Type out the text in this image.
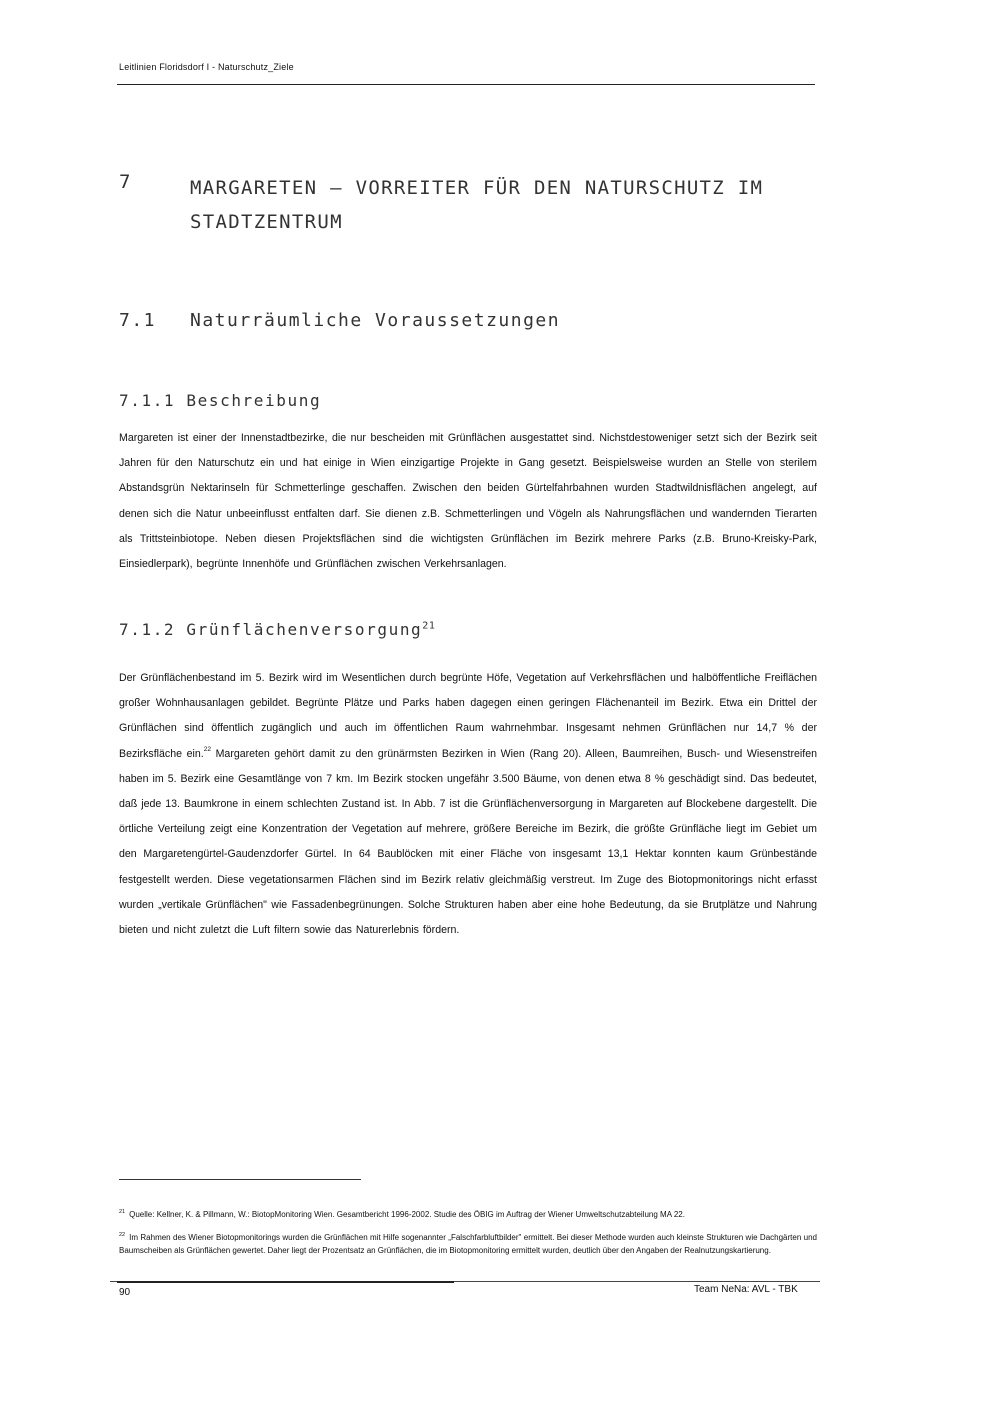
Leitlinien Floridsdorf I - Naturschutz_Ziele
7	MARGARETEN – VORREITER FÜR DEN NATURSCHUTZ IM STADTZENTRUM
7.1 Naturräumliche Voraussetzungen
7.1.1 Beschreibung
Margareten ist einer der Innenstadtbezirke, die nur bescheiden mit Grünflächen ausgestattet sind. Nichstdestoweniger setzt sich der Bezirk seit Jahren für den Naturschutz ein und hat einige in Wien einzigartige Projekte in Gang gesetzt. Beispielsweise wurden an Stelle von sterilem Abstandsgrün Nektarinseln für Schmetterlinge geschaffen. Zwischen den beiden Gürtelfahrbahnen wurden Stadtwildnisflächen angelegt, auf denen sich die Natur unbeeinflusst entfalten darf. Sie dienen z.B. Schmetterlingen und Vögeln als Nahrungsflächen und wandernden Tierarten als Trittsteinbiotope. Neben diesen Projektsflächen sind die wichtigsten Grünflächen im Bezirk mehrere Parks (z.B. Bruno-Kreisky-Park, Einsiedlerpark), begrünte Innenhöfe und Grünflächen zwischen Verkehrsanlagen.
7.1.2 Grünflächenversorgung$^{21}$
Der Grünflächenbestand im 5. Bezirk wird im Wesentlichen durch begrünte Höfe, Vegetation auf Verkehrsflächen und halböffentliche Freiflächen großer Wohnhausanlagen gebildet. Begrünte Plätze und Parks haben dagegen einen geringen Flächenanteil im Bezirk. Etwa ein Drittel der Grünflächen sind öffentlich zugänglich und auch im öffentlichen Raum wahrnehmbar. Insgesamt nehmen Grünflächen nur 14,7 % der Bezirksfläche ein.$^{22}$ Margareten gehört damit zu den grünärmsten Bezirken in Wien (Rang 20). Alleen, Baumreihen, Busch- und Wiesenstreifen haben im 5. Bezirk eine Gesamtlänge von 7 km. Im Bezirk stocken ungefähr 3.500 Bäume, von denen etwa 8 % geschädigt sind. Das bedeutet, daß jede 13. Baumkrone in einem schlechten Zustand ist. In Abb. 7 ist die Grünflächenversorgung in Margareten auf Blockebene dargestellt. Die örtliche Verteilung zeigt eine Konzentration der Vegetation auf mehrere, größere Bereiche im Bezirk, die größte Grünfläche liegt im Gebiet um den Margaretengürtel-Gaudenzdorfer Gürtel. In 64 Baublöcken mit einer Fläche von insgesamt 13,1 Hektar konnten kaum Grünbestände festgestellt werden. Diese vegetationsarmen Flächen sind im Bezirk relativ gleichmäßig verstreut. Im Zuge des Biotopmonitorings nicht erfasst wurden „vertikale Grünflächen" wie Fassadenbegrünungen. Solche Strukturen haben aber eine hohe Bedeutung, da sie Brutplätze und Nahrung bieten und nicht zuletzt die Luft filtern sowie das Naturerlebnis fördern.
$^{21}$ Quelle: Kellner, K. & Pillmann, W.: BiotopMonitoring Wien. Gesamtbericht 1996-2002. Studie des ÖBIG im Auftrag der Wiener Umweltschutzabteilung MA 22.
$^{22}$ Im Rahmen des Wiener Biotopmonitorings wurden die Grünflächen mit Hilfe sogenannter „Falschfarbluftbilder" ermittelt. Bei dieser Methode wurden auch kleinste Strukturen wie Dachgärten und Baumscheiben als Grünflächen gewertet. Daher liegt der Prozentsatz an Grünflächen, die im Biotopmonitoring ermittelt wurden, deutlich über den Angaben der Realnutzungskartierung.
90	Team NeNa: AVL - TBK
